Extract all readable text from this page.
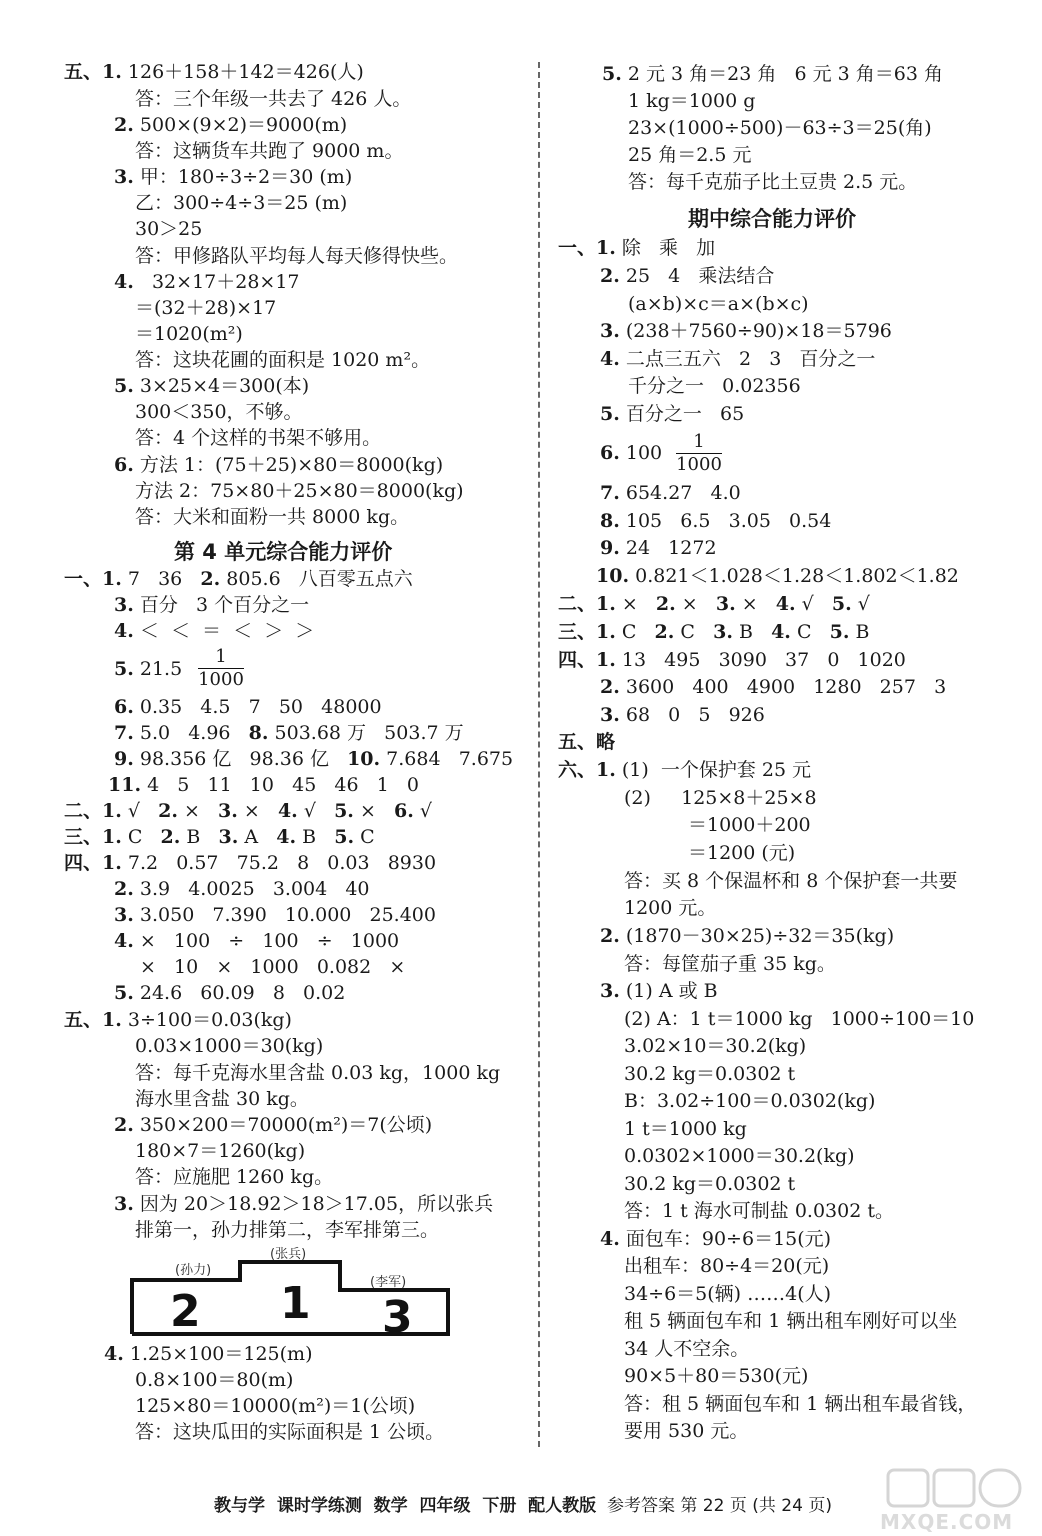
五、1. 126＋158＋142＝426(人)
答：三个年级一共去了 426 人。
2. 500×(9×2)＝9000(m)
答：这辆货车共跑了 9000 m。
3. 甲：180÷3÷2＝30 (m)
乙：300÷4÷3＝25 (m)
30＞25
答：甲修路队平均每人每天修得快些。
4.   32×17＋28×17
＝(32＋28)×17
＝1020(m²)
答：这块花圃的面积是 1020 m²。
5. 3×25×4＝300(本)
300＜350，不够。
答：4 个这样的书架不够用。
6. 方法 1：(75＋25)×80＝8000(kg)
方法 2：75×80＋25×80＝8000(kg)
答：大米和面粉一共 8000 kg。
第 4 单元综合能力评价
一、1. 7   36   2. 805.6   八百零五点六
3. 百分   3 个百分之一
4. ＜  ＜  ＝  ＜  ＞  ＞
5. 21.5
1
1000
6. 0.35   4.5   7   50   48000
7. 5.0   4.96   8. 503.68 万   503.7 万
9. 98.356 亿   98.36 亿   10. 7.684   7.675
11. 4   5   11   10   45   46   1   0
二、1. √   2. ×   3. ×   4. √   5. ×   6. √
三、1. C   2. B   3. A   4. B   5. C
四、1. 7.2   0.57   75.2   8   0.03   8930
2. 3.9   4.0025   3.004   40
3. 3.050   7.390   10.000   25.400
4. ×   100   ÷   100   ÷   1000
×   10   ×   1000   0.082   ×
5. 24.6   60.09   8   0.02
五、1. 3÷100＝0.03(kg)
0.03×1000＝30(kg)
答：每千克海水里含盐 0.03 kg，1000 kg
海水里含盐 30 kg。
2. 350×200＝70000(m²)＝7(公顷)
180×7＝1260(kg)
答：应施肥 1260 kg。
3. 因为 20＞18.92＞18＞17.05，所以张兵
排第一，孙力排第二，李军排第三。
4. 1.25×100＝125(m)
0.8×100＝80(m)
125×80＝10000(m²)＝1(公顷)
答：这块瓜田的实际面积是 1 公顷。
(孙力)
(张兵)
(李军)
2 1 3
5. 2 元 3 角＝23 角   6 元 3 角＝63 角
1 kg＝1000 g
23×(1000÷500)－63÷3＝25(角)
25 角＝2.5 元
答：每千克茄子比土豆贵 2.5 元。
期中综合能力评价
一、1. 除   乘   加
2. 25   4   乘法结合
(a×b)×c＝a×(b×c)
3. (238＋7560÷90)×18＝5796
4. 二点三五六   2   3   百分之一
千分之一   0.02356
5. 百分之一   65
6. 100
1
1000
7. 654.27   4.0
8. 105   6.5   3.05   0.54
9. 24   1272
10. 0.821＜1.028＜1.28＜1.802＜1.82
二、1. ×   2. ×   3. ×   4. √   5. √
三、1. C   2. C   3. B   4. C   5. B
四、1. 13   495   3090   37   0   1020
2. 3600   400   4900   1280   257   3
3. 68   0   5   926
五、略
六、1. (1)  一个保护套 25 元
(2)     125×8＋25×8
＝1000＋200
＝1200 (元)
答：买 8 个保温杯和 8 个保护套一共要
1200 元。
2. (1870－30×25)÷32＝35(kg)
答：每筐茄子重 35 kg。
3. (1) A 或 B
(2) A：1 t＝1000 kg   1000÷100＝10
3.02×10＝30.2(kg)
30.2 kg＝0.0302 t
B：3.02÷100＝0.0302(kg)
1 t＝1000 kg
0.0302×1000＝30.2(kg)
30.2 kg＝0.0302 t
答：1 t 海水可制盐 0.0302 t。
4. 面包车：90÷6＝15(元)
出租车：80÷4＝20(元)
34÷6＝5(辆) ……4(人)
租 5 辆面包车和 1 辆出租车刚好可以坐
34 人不空余。
90×5＋80＝530(元)
答：租 5 辆面包车和 1 辆出租车最省钱，
要用 530 元。
教与学  课时学练测  数学  四年级  下册  配人教版 参考答案 第 22 页 (共 24 页)
MXQE.COM
